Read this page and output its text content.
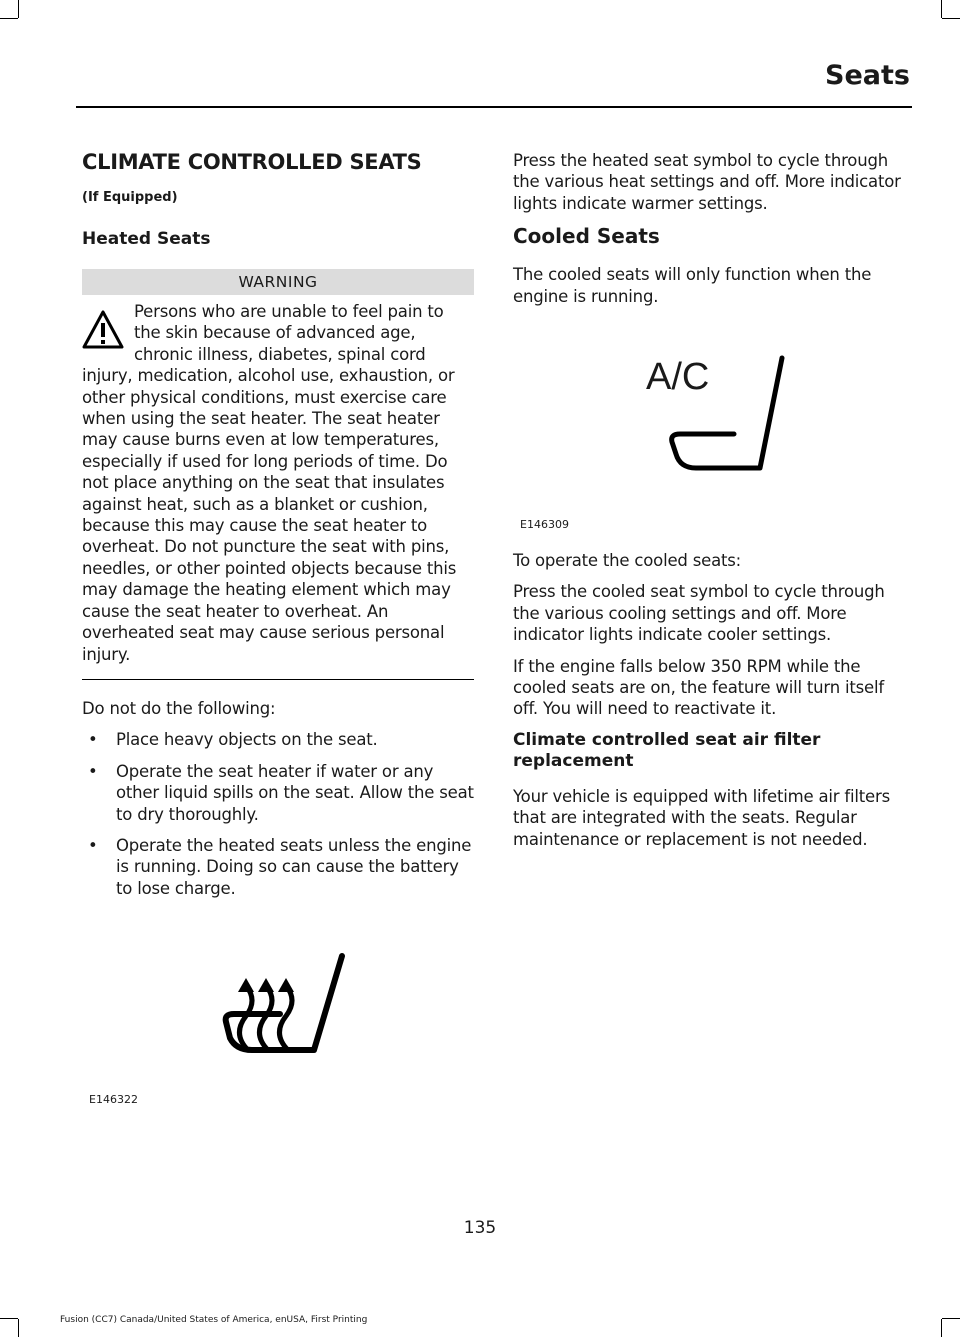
Seats
CLIMATE CONTROLLED SEATS
(If Equipped)
Heated Seats
WARNING
Persons who are unable to feel pain to the skin because of advanced age, chronic illness, diabetes, spinal cord injury, medication, alcohol use, exhaustion, or other physical conditions, must exercise care when using the seat heater. The seat heater may cause burns even at low temperatures, especially if used for long periods of time. Do not place anything on the seat that insulates against heat, such as a blanket or cushion, because this may cause the seat heater to overheat. Do not puncture the seat with pins, needles, or other pointed objects because this may damage the heating element which may cause the seat heater to overheat. An overheated seat may cause serious personal injury.

Do not do the following:

• Place heavy objects on the seat.
• Operate the seat heater if water or any other liquid spills on the seat. Allow the seat to dry thoroughly.
• Operate the heated seats unless the engine is running. Doing so can cause the battery to lose charge.
E146322

Press the heated seat symbol to cycle through the various heat settings and off. More indicator lights indicate warmer settings.

Cooled Seats

The cooled seats will only function when the engine is running.

A/C
E146309

To operate the cooled seats:

Press the cooled seat symbol to cycle through the various cooling settings and off. More indicator lights indicate cooler settings.

If the engine falls below 350 RPM while the cooled seats are on, the feature will turn itself off. You will need to reactivate it.

Climate controlled seat air filter replacement

Your vehicle is equipped with lifetime air filters that are integrated with the seats. Regular maintenance or replacement is not needed.

135
Fusion (CC7) Canada/United States of America, enUSA, First Printing
